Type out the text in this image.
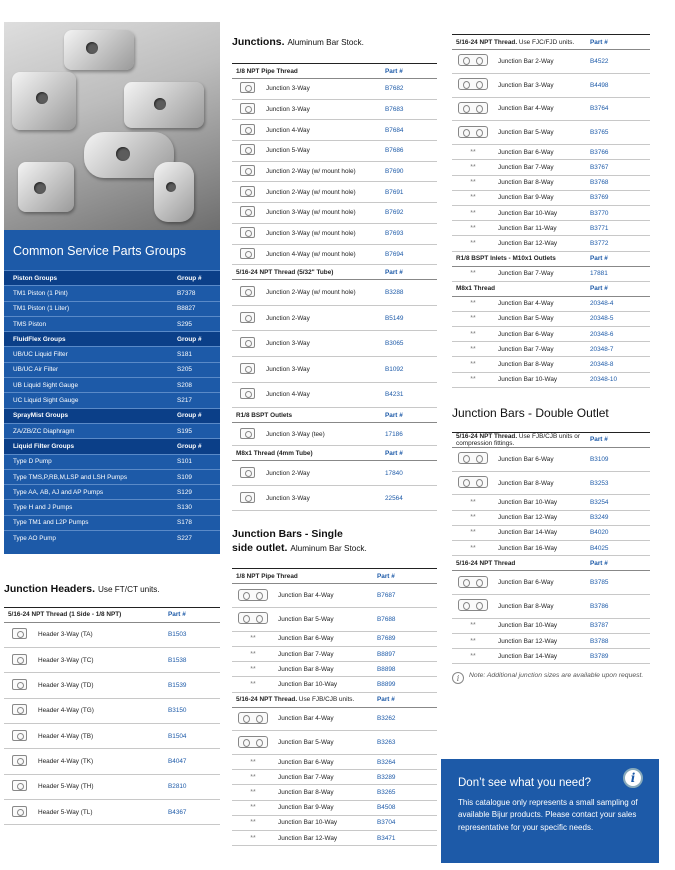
Common Service Parts Groups
Piston Groups	Group #
TM1 Piston (1 Pint)	B7378
TM1 Piston (1 Liter)	B8827
TMS Piston	S295
FluidFlex Groups	Group #
UB/UC Liquid Filter	S181
UB/UC Air Filter	S205
UB Liquid Sight Gauge	S208
UC Liquid Sight Gauge	S217
SprayMist Groups	Group #
ZA/ZB/ZC Diaphragm	S195
Liquid Filter Groups	Group #
Type D Pump	S101
Type TMS,P,RB,M,LSP and LSH Pumps	S109
Type AA, AB, AJ and AP Pumps	S129
Type H and J Pumps	S130
Type TM1 and L2P Pumps	S178
Type AO Pump	S227
Junction Headers. Use FT/CT units.
5/16-24 NPT Thread (1 Side - 1/8 NPT)		Part #
	Header 3-Way (TA)	B1503
	Header 3-Way (TC)	B1538
	Header 3-Way (TD)	B1539
	Header 4-Way (TG)	B3150
	Header 4-Way (TB)	B1504
	Header 4-Way (TK)	B4047
	Header 5-Way (TH)	B2810
	Header 5-Way (TL)	B4367
Junctions. Aluminum Bar Stock.
1/8 NPT Pipe Thread		Part #
	Junction 3-Way	B7682
	Junction 3-Way	B7683
	Junction 4-Way	B7684
	Junction 5-Way	B7686
	Junction 2-Way (w/ mount hole)	B7690
	Junction 2-Way (w/ mount hole)	B7691
	Junction 3-Way (w/ mount hole)	B7692
	Junction 3-Way (w/ mount hole)	B7693
	Junction 4-Way (w/ mount hole)	B7694
5/16-24 NPT Thread (5/32" Tube)		Part #
	Junction 2-Way (w/ mount hole)	B3288
	Junction 2-Way	B5149
	Junction 3-Way	B3065
	Junction 3-Way	B1092
	Junction 4-Way	B4231
R1/8 BSPT Outlets		Part #
	Junction 3-Way (tee)	17186
M8x1 Thread (4mm Tube)		Part #
	Junction 2-Way	17840
	Junction 3-Way	22564
Junction Bars - Single
side outlet. Aluminum Bar Stock.
1/8 NPT Pipe Thread		Part #
	Junction Bar 4-Way	B7687
	Junction Bar 5-Way	B7688
**	Junction Bar 6-Way	B7689
**	Junction Bar 7-Way	B8897
**	Junction Bar 8-Way	B8898
**	Junction Bar 10-Way	B8899
5/16-24 NPT Thread. Use FJB/CJB units.		Part #
	Junction Bar 4-Way	B3262
	Junction Bar 5-Way	B3263
**	Junction Bar 6-Way	B3264
**	Junction Bar 7-Way	B3289
**	Junction Bar 8-Way	B3265
**	Junction Bar 9-Way	B4508
**	Junction Bar 10-Way	B3704
**	Junction Bar 12-Way	B3471
5/16-24 NPT Thread. Use FJC/FJD units.		Part #
	Junction Bar 2-Way	B4522
	Junction Bar 3-Way	B4498
	Junction Bar 4-Way	B3764
	Junction Bar 5-Way	B3765
**	Junction Bar 6-Way	B3766
**	Junction Bar 7-Way	B3767
**	Junction Bar 8-Way	B3768
**	Junction Bar 9-Way	B3769
**	Junction Bar 10-Way	B3770
**	Junction Bar 11-Way	B3771
**	Junction Bar 12-Way	B3772
R1/8 BSPT Inlets - M10x1 Outlets		Part #
**	Junction Bar 7-Way	17881
M8x1 Thread		Part #
**	Junction Bar 4-Way	20348-4
**	Junction Bar 5-Way	20348-5
**	Junction Bar 6-Way	20348-6
**	Junction Bar 7-Way	20348-7
**	Junction Bar 8-Way	20348-8
**	Junction Bar 10-Way	20348-10
Junction Bars - Double Outlet
5/16-24 NPT Thread. Use FJB/CJB units or compression fittings.		Part #
	Junction Bar 6-Way	B3109
	Junction Bar 8-Way	B3253
**	Junction Bar 10-Way	B3254
**	Junction Bar 12-Way	B3249
**	Junction Bar 14-Way	B4020
**	Junction Bar 16-Way	B4025
5/16-24 NPT Thread		Part #
	Junction Bar 6-Way	B3785
	Junction Bar 8-Way	B3786
**	Junction Bar 10-Way	B3787
**	Junction Bar 12-Way	B3788
**	Junction Bar 14-Way	B3789
i	Note: Additional junction sizes are available upon request.
i
Don’t see what you need?

This catalogue only represents a small sampling of available Bijur products. Please contact your sales representative for your specific needs.
